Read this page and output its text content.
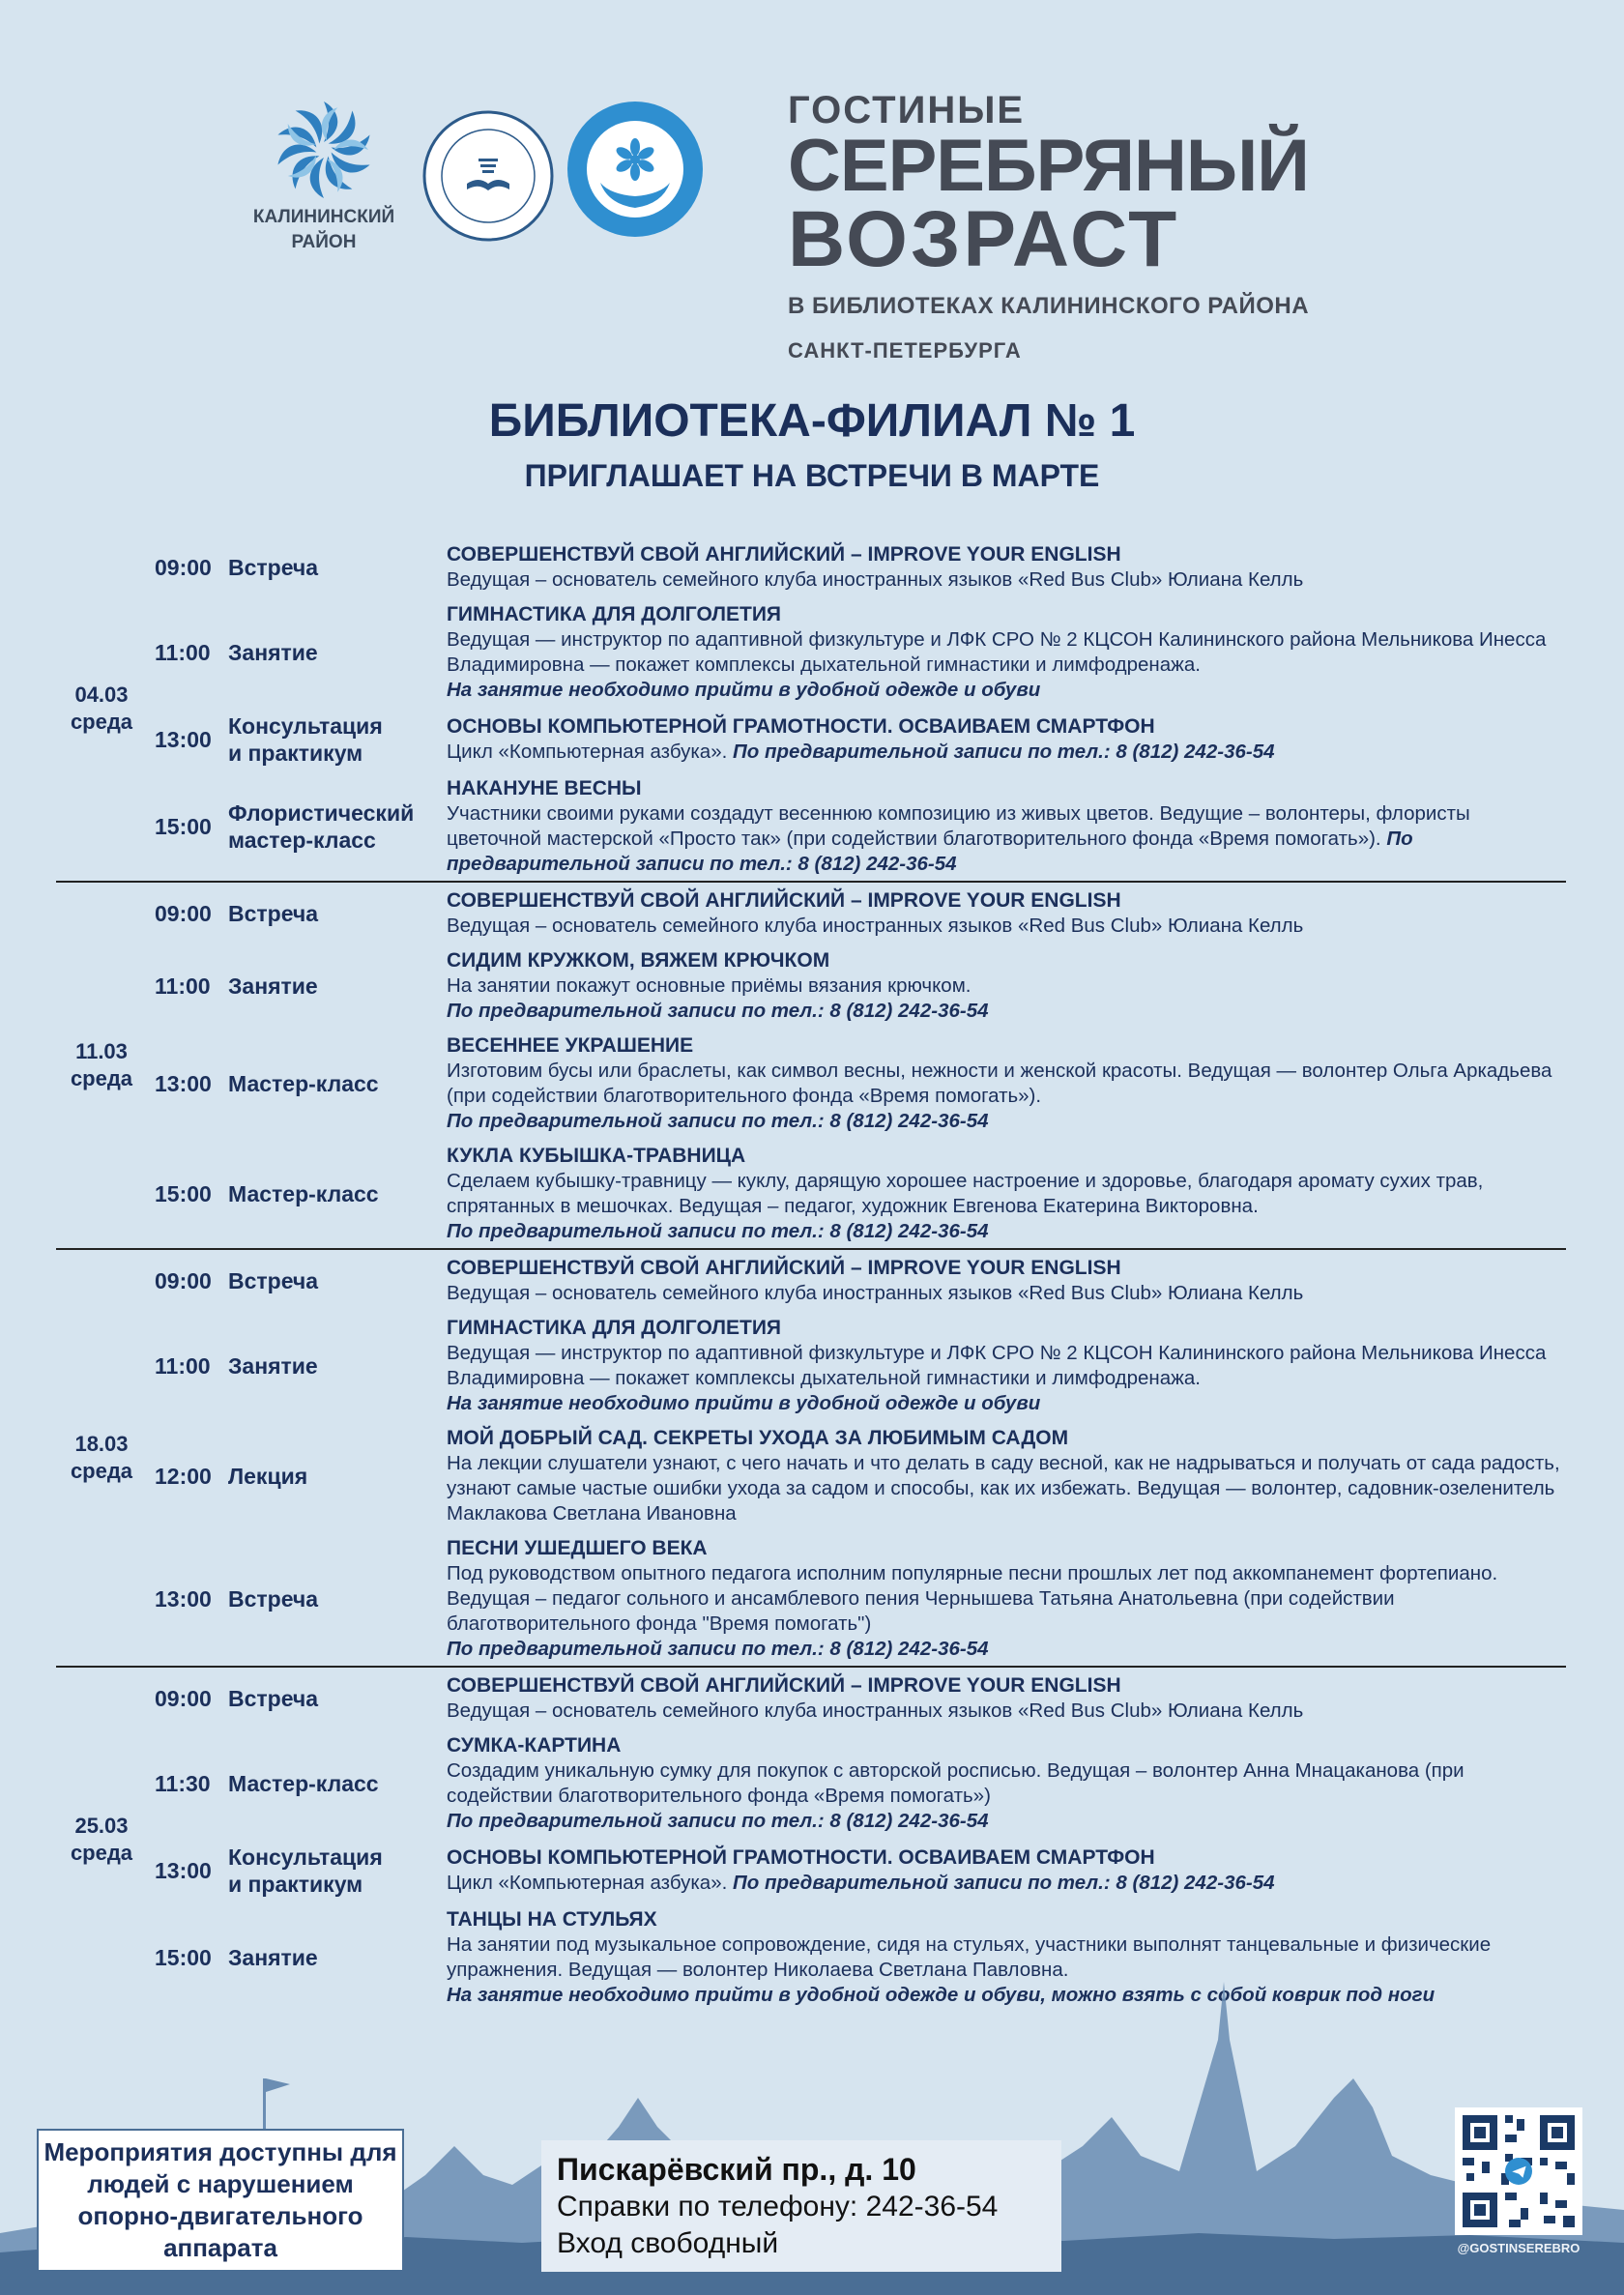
КАЛИНИНСКИЙ
РАЙОН
ГОСТИНЫЕ
СЕРЕБРЯНЫЙ
ВОЗРАСТ
В БИБЛИОТЕКАХ КАЛИНИНСКОГО РАЙОНА
САНКТ-ПЕТЕРБУРГА
БИБЛИОТЕКА-ФИЛИАЛ № 1
ПРИГЛАШАЕТ НА ВСТРЕЧИ В МАРТЕ
04.03
среда
09:00 Встреча
СОВЕРШЕНСТВУЙ СВОЙ АНГЛИЙСКИЙ – IMPROVE YOUR ENGLISH
Ведущая – основатель семейного клуба иностранных языков «Red Bus Club» Юлиана Келль
11:00 Занятие
ГИМНАСТИКА ДЛЯ ДОЛГОЛЕТИЯ
Ведущая — инструктор по адаптивной физкультуре и ЛФК СРО № 2 КЦСОН Калининского района Мельникова Инесса Владимировна — покажет комплексы дыхательной гимнастики и лимфодренажа.
На занятие необходимо прийти в удобной одежде и обуви
13:00
Консультация
и практикум
ОСНОВЫ КОМПЬЮТЕРНОЙ ГРАМОТНОСТИ. ОСВАИВАЕМ СМАРТФОН
Цикл «Компьютерная азбука». По предварительной записи по тел.: 8 (812) 242-36-54
15:00
Флористический
мастер-класс
НАКАНУНЕ ВЕСНЫ
Участники своими руками создадут весеннюю композицию из живых цветов. Ведущие – волонтеры, флористы цветочной мастерской «Просто так» (при содействии благотворительного фонда «Время помогать»). По предварительной записи по тел.: 8 (812) 242-36-54
11.03
среда
09:00 Встреча
СОВЕРШЕНСТВУЙ СВОЙ АНГЛИЙСКИЙ – IMPROVE YOUR ENGLISH
Ведущая – основатель семейного клуба иностранных языков «Red Bus Club» Юлиана Келль
11:00 Занятие
СИДИМ КРУЖКОМ, ВЯЖЕМ КРЮЧКОМ
На занятии покажут основные приёмы вязания крючком.
По предварительной записи по тел.: 8 (812) 242-36-54
13:00 Мастер-класс
ВЕСЕННЕЕ УКРАШЕНИЕ
Изготовим бусы или браслеты, как символ весны, нежности и женской красоты. Ведущая — волонтер Ольга Аркадьева (при содействии благотворительного фонда «Время помогать»).
По предварительной записи по тел.: 8 (812) 242-36-54
15:00 Мастер-класс
КУКЛА КУБЫШКА-ТРАВНИЦА
Сделаем кубышку-травницу — куклу, дарящую хорошее настроение и здоровье, благодаря аромату сухих трав, спрятанных в мешочках. Ведущая – педагог, художник Евгенова Екатерина Викторовна.
По предварительной записи по тел.: 8 (812) 242-36-54
18.03
среда
09:00 Встреча
СОВЕРШЕНСТВУЙ СВОЙ АНГЛИЙСКИЙ – IMPROVE YOUR ENGLISH
Ведущая – основатель семейного клуба иностранных языков «Red Bus Club» Юлиана Келль
11:00 Занятие
ГИМНАСТИКА ДЛЯ ДОЛГОЛЕТИЯ
Ведущая — инструктор по адаптивной физкультуре и ЛФК СРО № 2 КЦСОН Калининского района Мельникова Инесса Владимировна — покажет комплексы дыхательной гимнастики и лимфодренажа.
На занятие необходимо прийти в удобной одежде и обуви
12:00 Лекция
МОЙ ДОБРЫЙ САД. СЕКРЕТЫ УХОДА ЗА ЛЮБИМЫМ САДОМ
На лекции слушатели узнают, с чего начать и что делать в саду весной, как не надрываться и получать от сада радость, узнают самые частые ошибки ухода за садом и способы, как их избежать. Ведущая — волонтер, садовник-озеленитель Маклакова Светлана Ивановна
13:00 Встреча
ПЕСНИ УШЕДШЕГО ВЕКА
Под руководством опытного педагога исполним популярные песни прошлых лет под аккомпанемент фортепиано. Ведущая – педагог сольного и ансамблевого пения Чернышева Татьяна Анатольевна (при содействии благотворительного фонда "Время помогать")
По предварительной записи по тел.: 8 (812) 242-36-54
25.03
среда
09:00 Встреча
СОВЕРШЕНСТВУЙ СВОЙ АНГЛИЙСКИЙ – IMPROVE YOUR ENGLISH
Ведущая – основатель семейного клуба иностранных языков «Red Bus Club» Юлиана Келль
11:30 Мастер-класс
СУМКА-КАРТИНА
Создадим уникальную сумку для покупок с авторской росписью. Ведущая – волонтер Анна Мнацаканова (при содействии благотворительного фонда «Время помогать»)
По предварительной записи по тел.: 8 (812) 242-36-54
13:00
Консультация
и практикум
ОСНОВЫ КОМПЬЮТЕРНОЙ ГРАМОТНОСТИ. ОСВАИВАЕМ СМАРТФОН
Цикл «Компьютерная азбука». По предварительной записи по тел.: 8 (812) 242-36-54
15:00 Занятие
ТАНЦЫ НА СТУЛЬЯХ
На занятии под музыкальное сопровождение, сидя на стульях, участники выполнят танцевальные и физические упражнения. Ведущая — волонтер Николаева Светлана Павловна.
На занятие необходимо прийти в удобной одежде и обуви, можно взять с собой коврик под ноги
Мероприятия доступны для людей с нарушением опорно-двигательного аппарата
Пискарёвский пр., д. 10
Справки по телефону: 242-36-54
Вход свободный	@GOSTINSEREBRO
